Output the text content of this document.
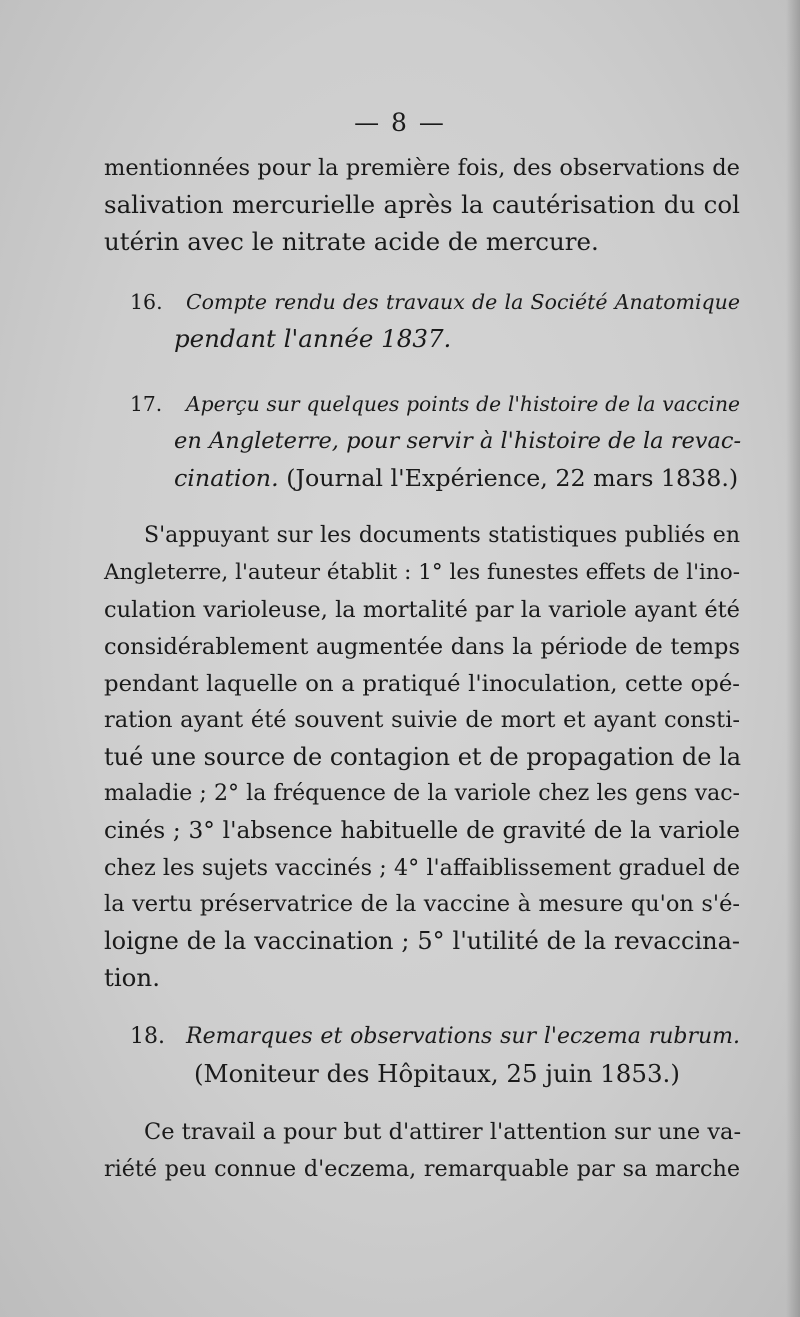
— 8 —
mentionnées pour la première fois, des observations de
salivation mercurielle après la cautérisation du col
utérin avec le nitrate acide de mercure.
16. Compte rendu des travaux de la Société Anatomique
pendant l'année 1837.
17. Aperçu sur quelques points de l'histoire de la vaccine
en Angleterre, pour servir à l'histoire de la revac-
cination. (Journal l'Expérience, 22 mars 1838.)
S'appuyant sur les documents statistiques publiés en
Angleterre, l'auteur établit : 1° les funestes effets de l'ino-
culation varioleuse, la mortalité par la variole ayant été
considérablement augmentée dans la période de temps
pendant laquelle on a pratiqué l'inoculation, cette opé-
ration ayant été souvent suivie de mort et ayant consti-
tué une source de contagion et de propagation de la
maladie ; 2° la fréquence de la variole chez les gens vac-
cinés ; 3° l'absence habituelle de gravité de la variole
chez les sujets vaccinés ; 4° l'affaiblissement graduel de
la vertu préservatrice de la vaccine à mesure qu'on s'é-
loigne de la vaccination ; 5° l'utilité de la revaccina-
tion.
18. Remarques et observations sur l'eczema rubrum.
(Moniteur des Hôpitaux, 25 juin 1853.)
Ce travail a pour but d'attirer l'attention sur une va-
riété peu connue d'eczema, remarquable par sa marche
